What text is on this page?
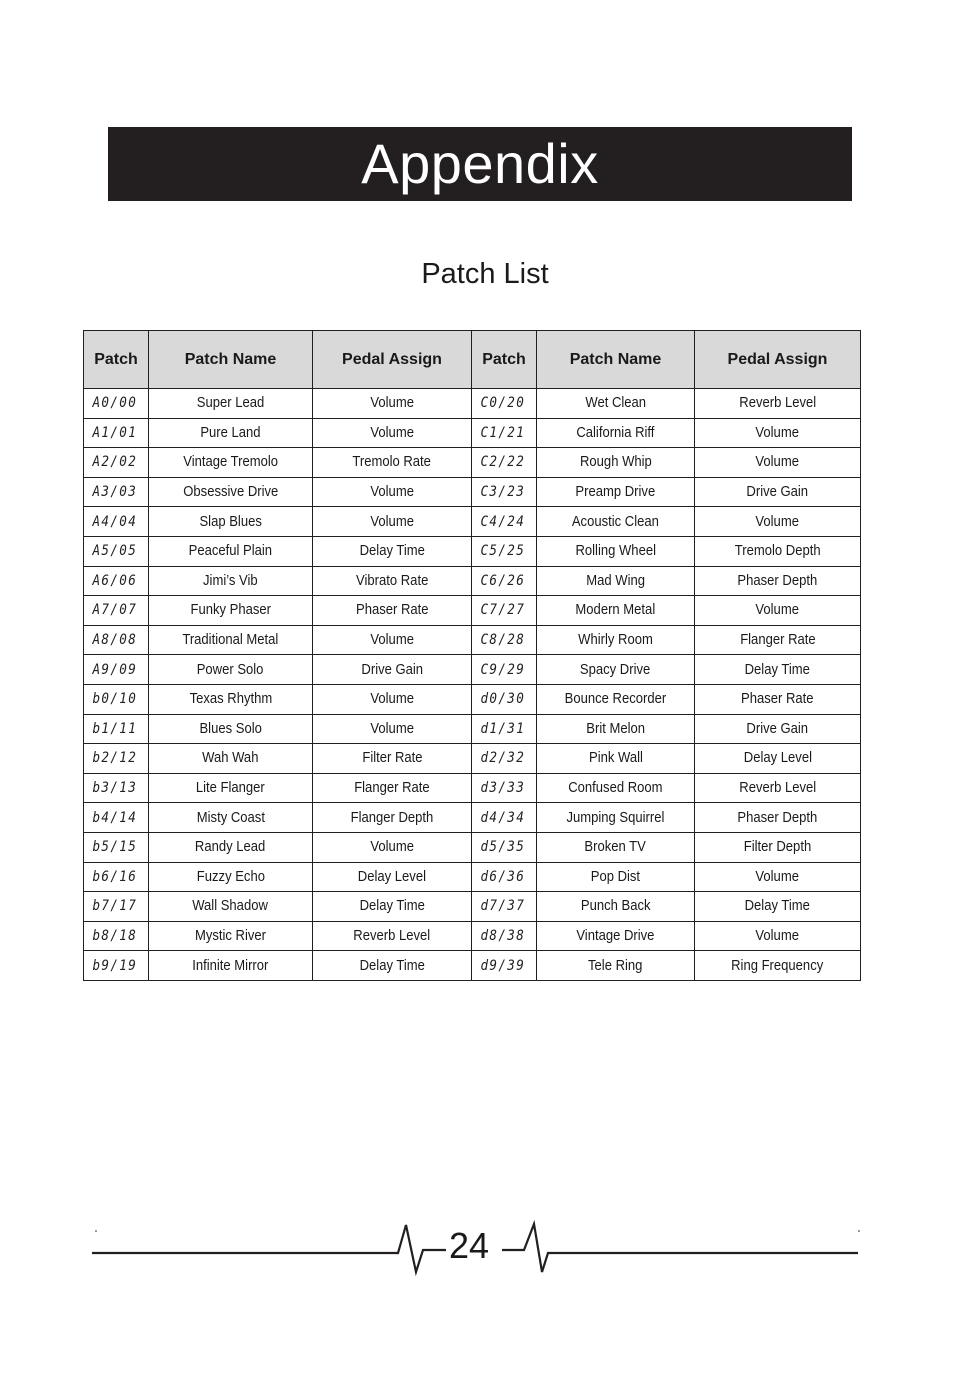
Appendix
Patch List
Patch	Patch Name	Pedal Assign	Patch	Patch Name	Pedal Assign
A0/00	Super Lead	Volume	C0/20	Wet Clean	Reverb Level
A1/01	Pure Land	Volume	C1/21	California Riff	Volume
A2/02	Vintage Tremolo	Tremolo Rate	C2/22	Rough Whip	Volume
A3/03	Obsessive Drive	Volume	C3/23	Preamp Drive	Drive Gain
A4/04	Slap Blues	Volume	C4/24	Acoustic Clean	Volume
A5/05	Peaceful Plain	Delay Time	C5/25	Rolling Wheel	Tremolo Depth
A6/06	Jimi’s Vib	Vibrato Rate	C6/26	Mad Wing	Phaser Depth
A7/07	Funky Phaser	Phaser Rate	C7/27	Modern Metal	Volume
A8/08	Traditional Metal	Volume	C8/28	Whirly Room	Flanger Rate
A9/09	Power Solo	Drive Gain	C9/29	Spacy Drive	Delay Time
b0/10	Texas Rhythm	Volume	d0/30	Bounce Recorder	Phaser Rate
b1/11	Blues Solo	Volume	d1/31	Brit Melon	Drive Gain
b2/12	Wah Wah	Filter Rate	d2/32	Pink Wall	Delay Level
b3/13	Lite Flanger	Flanger Rate	d3/33	Confused Room	Reverb Level
b4/14	Misty Coast	Flanger Depth	d4/34	Jumping Squirrel	Phaser Depth
b5/15	Randy Lead	Volume	d5/35	Broken TV	Filter Depth
b6/16	Fuzzy Echo	Delay Level	d6/36	Pop Dist	Volume
b7/17	Wall Shadow	Delay Time	d7/37	Punch Back	Delay Time
b8/18	Mystic River	Reverb Level	d8/38	Vintage Drive	Volume
b9/19	Infinite Mirror	Delay Time	d9/39	Tele Ring	Ring Frequency
24
